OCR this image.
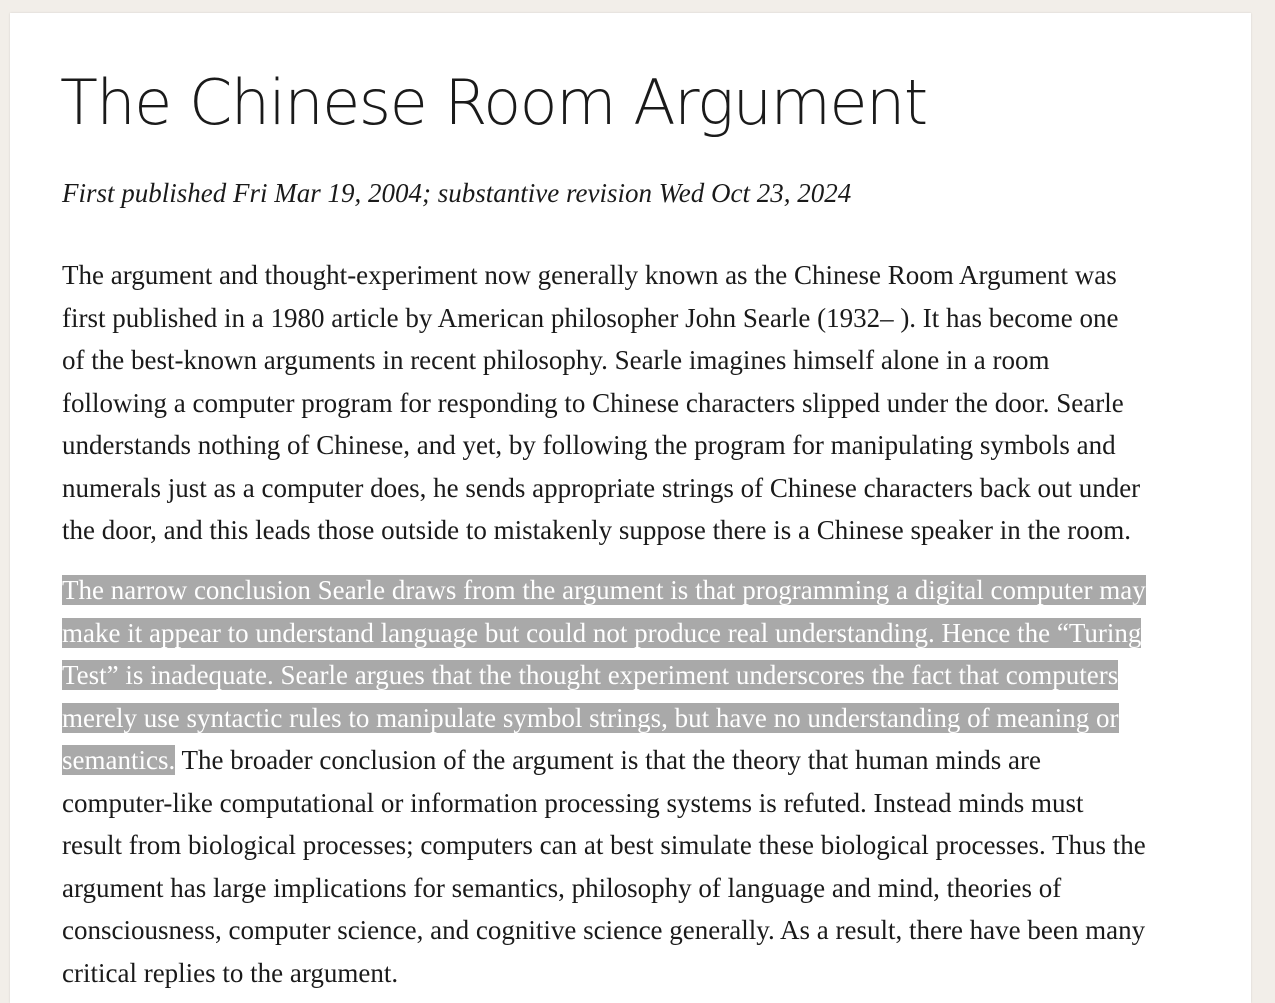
The Chinese Room Argument

First published Fri Mar 19, 2004; substantive revision Wed Oct 23, 2024

The argument and thought-experiment now generally known as the Chinese Room Argument was
first published in a 1980 article by American philosopher John Searle (1932– ). It has become one
of the best-known arguments in recent philosophy. Searle imagines himself alone in a room
following a computer program for responding to Chinese characters slipped under the door. Searle
understands nothing of Chinese, and yet, by following the program for manipulating symbols and
numerals just as a computer does, he sends appropriate strings of Chinese characters back out under
the door, and this leads those outside to mistakenly suppose there is a Chinese speaker in the room.

The narrow conclusion Searle draws from the argument is that programming a digital computer may
make it appear to understand language but could not produce real understanding. Hence the “Turing
Test” is inadequate. Searle argues that the thought experiment underscores the fact that computers
merely use syntactic rules to manipulate symbol strings, but have no understanding of meaning or
semantics. The broader conclusion of the argument is that the theory that human minds are
computer-like computational or information processing systems is refuted. Instead minds must
result from biological processes; computers can at best simulate these biological processes. Thus the
argument has large implications for semantics, philosophy of language and mind, theories of
consciousness, computer science, and cognitive science generally. As a result, there have been many
critical replies to the argument.
